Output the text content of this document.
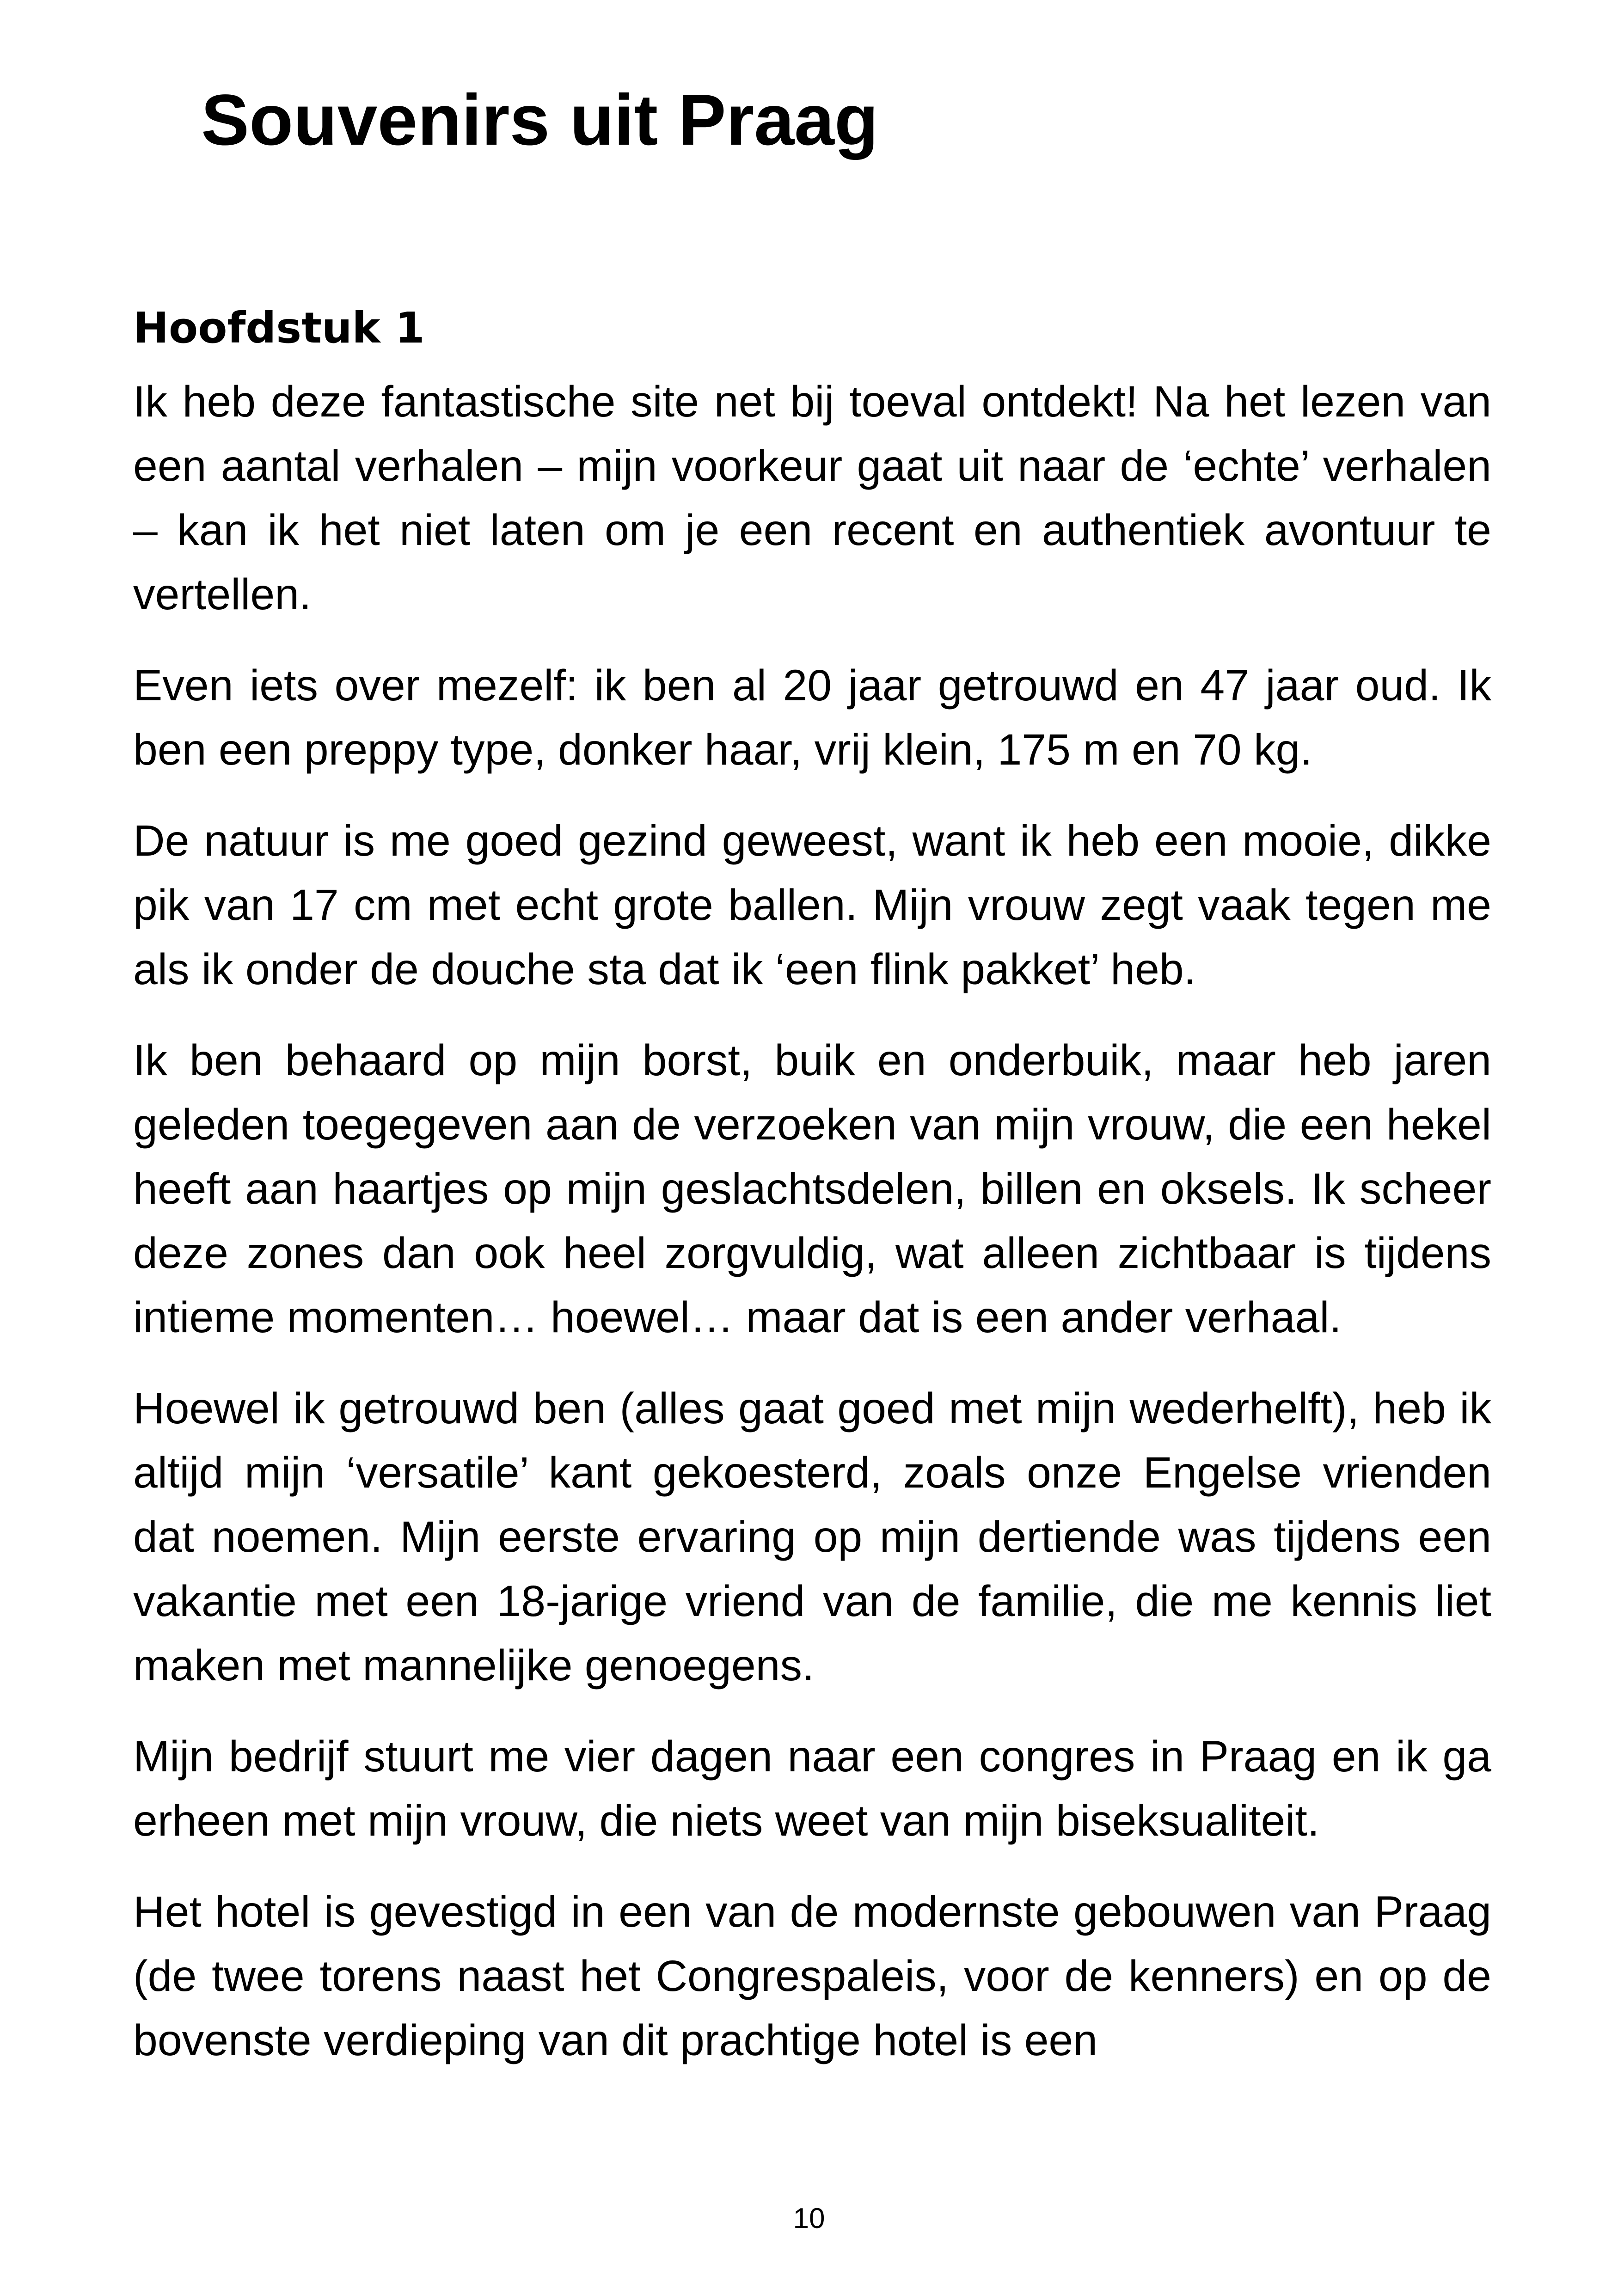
Souvenirs uit Praag
Hoofdstuk 1

Ik heb deze fantastische site net bij toeval ontdekt! Na het lezen van een aantal verhalen – mijn voorkeur gaat uit naar de ‘echte’ verhalen – kan ik het niet laten om je een recent en authentiek avontuur te vertellen.

Even iets over mezelf: ik ben al 20 jaar getrouwd en 47 jaar oud. Ik ben een preppy type, donker haar, vrij klein, 175 m en 70 kg.

De natuur is me goed gezind geweest, want ik heb een mooie, dikke pik van 17 cm met echt grote ballen. Mijn vrouw zegt vaak tegen me als ik onder de douche sta dat ik ‘een flink pakket’ heb.

Ik ben behaard op mijn borst, buik en onderbuik, maar heb jaren geleden toegegeven aan de verzoeken van mijn vrouw, die een hekel heeft aan haartjes op mijn geslachtsdelen, billen en oksels. Ik scheer deze zones dan ook heel zorgvuldig, wat alleen zichtbaar is tijdens intieme momenten… hoewel… maar dat is een ander verhaal.

Hoewel ik getrouwd ben (alles gaat goed met mijn wederhelft), heb ik altijd mijn ‘versatile’ kant gekoesterd, zoals onze Engelse vrienden dat noemen. Mijn eerste ervaring op mijn dertiende was tijdens een vakantie met een 18-jarige vriend van de familie, die me kennis liet maken met mannelijke genoegens.

Mijn bedrijf stuurt me vier dagen naar een congres in Praag en ik ga erheen met mijn vrouw, die niets weet van mijn biseksualiteit.

Het hotel is gevestigd in een van de modernste gebouwen van Praag (de twee torens naast het Congrespaleis, voor de kenners) en op de bovenste verdieping van dit prachtige hotel is een

10
